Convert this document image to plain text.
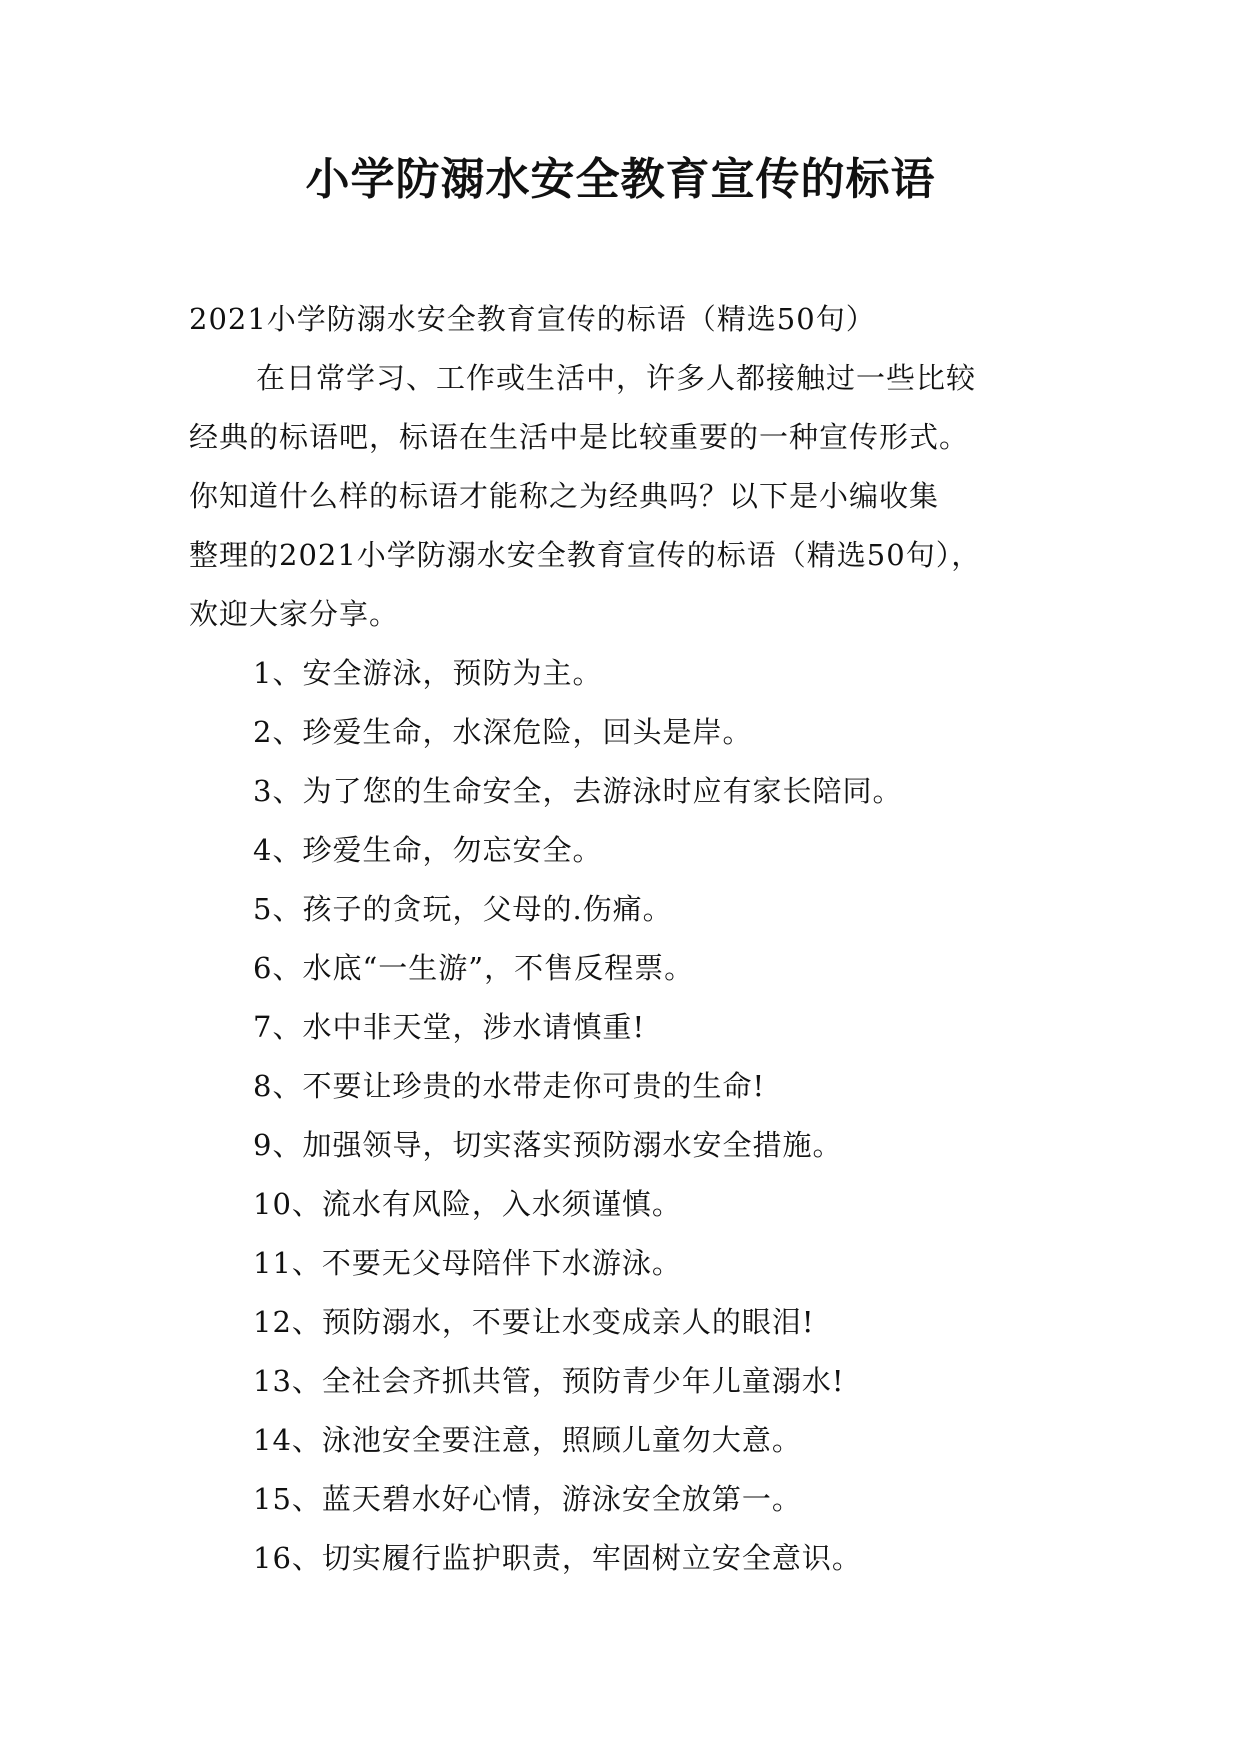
小学防溺水安全教育宣传的标语
2021小学防溺水安全教育宣传的标语（精选50句）
在日常学习、工作或生活中，许多人都接触过一些比较
经典的标语吧，标语在生活中是比较重要的一种宣传形式。
你知道什么样的标语才能称之为经典吗？以下是小编收集
整理的2021小学防溺水安全教育宣传的标语（精选50句），
欢迎大家分享。
1、安全游泳，预防为主。
2、珍爱生命，水深危险，回头是岸。
3、为了您的生命安全，去游泳时应有家长陪同。
4、珍爱生命，勿忘安全。
5、孩子的贪玩，父母的.伤痛。
6、水底“一生游”，不售反程票。
7、水中非天堂，涉水请慎重!
8、不要让珍贵的水带走你可贵的生命!
9、加强领导，切实落实预防溺水安全措施。
10、流水有风险，入水须谨慎。
11、不要无父母陪伴下水游泳。
12、预防溺水，不要让水变成亲人的眼泪!
13、全社会齐抓共管，预防青少年儿童溺水!
14、泳池安全要注意，照顾儿童勿大意。
15、蓝天碧水好心情，游泳安全放第一。
16、切实履行监护职责，牢固树立安全意识。
